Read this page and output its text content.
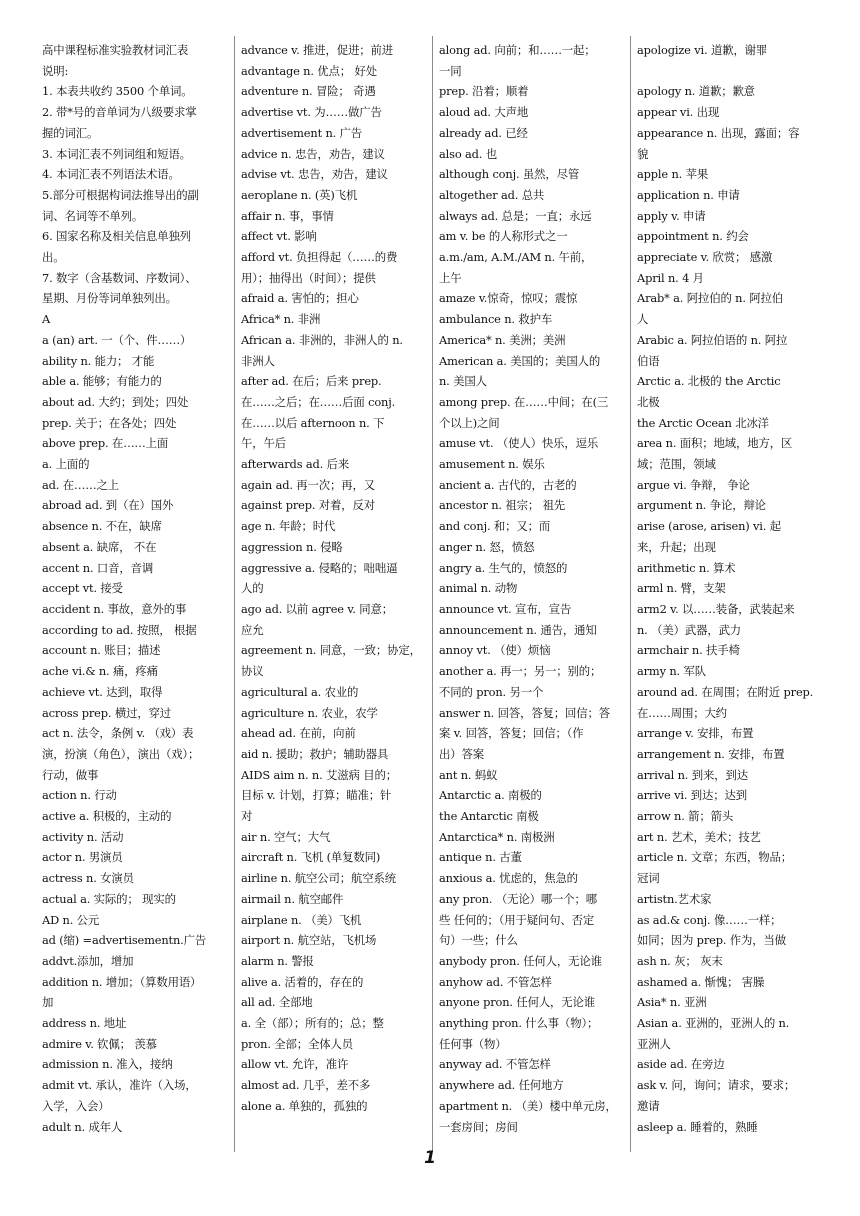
高中课程标准实验教材词汇表
说明:
1. 本表共收约 3500 个单词。
2. 带*号的音单词为八级要求掌
握的词汇。
3. 本词汇表不列词组和短语。
4. 本词汇表不列语法术语。
5.部分可根据构词法推导出的副
词、名词等不单列。
6. 国家名称及相关信息单独列
出。
7. 数字（含基数词、序数词）、
星期、月份等词单独列出。
A
a (an) art. 一（个、件……）
ability n. 能力； 才能
able a. 能够；有能力的
about ad. 大约；到处；四处
prep. 关于；在各处；四处
above prep. 在……上面
a. 上面的
ad. 在……之上
abroad ad. 到（在）国外
absence n. 不在，缺席
absent a. 缺席， 不在
accent n. 口音，音调
accept vt. 接受
accident n. 事故，意外的事
according to ad. 按照， 根据
account n. 账目；描述
ache vi.& n. 痛，疼痛
achieve vt. 达到，取得
across prep. 横过，穿过
act n. 法令，条例 v. （戏）表
演，扮演（角色），演出（戏）；
行动，做事
action n. 行动
active a. 积极的，主动的
activity n. 活动
actor n. 男演员
actress n. 女演员
actual a. 实际的； 现实的
AD n. 公元
ad (缩) =advertisementn.广告
addvt.添加，增加
addition n. 增加；（算数用语）
加
address n. 地址
admire v. 钦佩； 羡慕
admission n. 准入，接纳
admit vt. 承认，准许（入场，
入学，入会）
adult n. 成年人
advance v. 推进，促进；前进
advantage n. 优点； 好处
adventure n. 冒险； 奇遇
advertise vt. 为……做广告
advertisement n. 广告
advice n. 忠告，劝告，建议
advise vt. 忠告，劝告，建议
aeroplane n. (英)飞机
affair n. 事，事情
affect vt. 影响
afford vt. 负担得起（……的费
用）；抽得出（时间）；提供
afraid a. 害怕的；担心
Africa* n. 非洲
African a. 非洲的，非洲人的 n.
非洲人
after ad. 在后；后来 prep.
在……之后；在……后面 conj.
在……以后 afternoon n. 下
午，午后
afterwards ad. 后来
again ad. 再一次；再，又
against prep. 对着，反对
age n. 年龄；时代
aggression n. 侵略
aggressive a. 侵略的；咄咄逼
人的
ago ad. 以前 agree v. 同意；
应允
agreement n. 同意，一致；协定，
协议
agricultural a. 农业的
agriculture n. 农业，农学
ahead ad. 在前，向前
aid n. 援助；救护；辅助器具
AIDS aim n. n. 艾滋病 目的；
目标 v. 计划，打算；瞄准；针
对
air n. 空气；大气
aircraft n. 飞机 (单复数同)
airline n. 航空公司；航空系统
airmail n. 航空邮件
airplane n. （美）飞机
airport n. 航空站，飞机场
alarm n. 警报
alive a. 活着的，存在的
all ad. 全部地
a. 全（部）；所有的；总；整
pron. 全部；全体人员
allow vt. 允许，准许
almost ad. 几乎，差不多
alone a. 单独的，孤独的
along ad. 向前；和……一起；
一同
prep. 沿着；顺着
aloud ad. 大声地
already ad. 已经
also ad. 也
although conj. 虽然，尽管
altogether ad. 总共
always ad. 总是；一直；永远
am v. be 的人称形式之一
a.m./am, A.M./AM n. 午前，
上午
amaze v.惊奇，惊叹；震惊
ambulance n. 救护车
America* n. 美洲；美洲
American a. 美国的；美国人的
n. 美国人
among prep. 在……中间；在(三
个以上)之间
amuse vt. （使人）快乐，逗乐
amusement n. 娱乐
ancient a. 古代的，古老的
ancestor n. 祖宗； 祖先
and conj. 和；又；而
anger n. 怒，愤怒
angry a. 生气的，愤怒的
animal n. 动物
announce vt. 宣布，宣告
announcement n. 通告，通知
annoy vt. （使）烦恼
another a. 再一；另一；别的；
不同的 pron. 另一个
answer n. 回答，答复；回信；答
案 v. 回答，答复；回信；（作
出）答案
ant n. 蚂蚁
Antarctic a. 南极的
the Antarctic 南极
Antarctica* n. 南极洲
antique n. 古董
anxious a. 忧虑的，焦急的
any pron. （无论）哪一个；哪
些 任何的；（用于疑问句、否定
句）一些；什么
anybody pron. 任何人，无论谁
anyhow ad. 不管怎样
anyone pron. 任何人，无论谁
anything pron. 什么事（物）；
任何事（物）
anyway ad. 不管怎样
anywhere ad. 任何地方
apartment n. （美）楼中单元房，
一套房间；房间
apologize vi. 道歉，谢罪

apology n. 道歉；歉意
appear vi. 出现
appearance n. 出现，露面；容
貌
apple n. 苹果
application n. 申请
apply v. 申请
appointment n. 约会
appreciate v. 欣赏； 感激
April n. 4 月
Arab* a. 阿拉伯的 n. 阿拉伯
人
Arabic a. 阿拉伯语的 n. 阿拉
伯语
Arctic a. 北极的 the Arctic
北极
the Arctic Ocean 北冰洋
area n. 面积；地域，地方，区
域；范围，领域
argue vi. 争辩， 争论
argument n. 争论，辩论
arise (arose, arisen) vi. 起
来，升起；出现
arithmetic n. 算术
arml n. 臂，支架
arm2 v. 以……装备，武装起来
n. （美）武器，武力
armchair n. 扶手椅
army n. 军队
around ad. 在周围；在附近 prep.
在……周围；大约
arrange v. 安排，布置
arrangement n. 安排，布置
arrival n. 到来，到达
arrive vi. 到达；达到
arrow n. 箭；箭头
art n. 艺术，美术；技艺
article n. 文章；东西，物品；
冠词
artistn.艺术家
as ad.& conj. 像……一样；
如同；因为 prep. 作为，当做
ash n. 灰； 灰末
ashamed a. 惭愧； 害臊
Asia* n. 亚洲
Asian a. 亚洲的，亚洲人的 n.
亚洲人
aside ad. 在旁边
ask v. 问，询问；请求，要求；
邀请
asleep a. 睡着的，熟睡
1
